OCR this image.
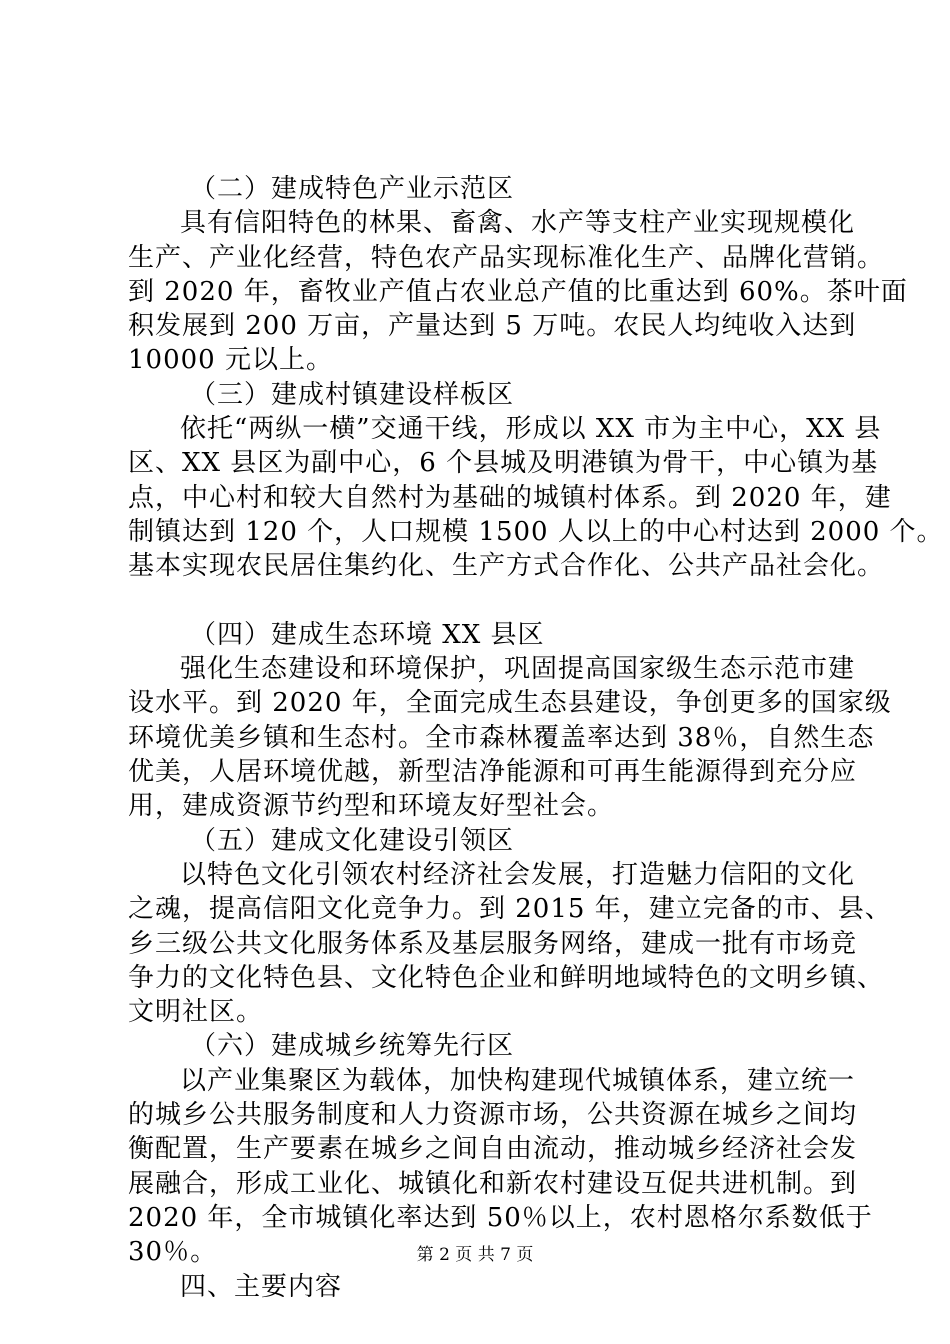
（二）建成特色产业示范区
具有信阳特色的林果、畜禽、水产等支柱产业实现规模化
生产、产业化经营，特色农产品实现标准化生产、品牌化营销。
到 2020 年，畜牧业产值占农业总产值的比重达到 60%。茶叶面
积发展到 200 万亩，产量达到 5 万吨。农民人均纯收入达到
10000 元以上。
（三）建成村镇建设样板区
依托“两纵一横”交通干线，形成以 XX 市为主中心，XX 县
区、XX 县区为副中心，6 个县城及明港镇为骨干，中心镇为基
点，中心村和较大自然村为基础的城镇村体系。到 2020 年，建
制镇达到 120 个，人口规模 1500 人以上的中心村达到 2000 个。
基本实现农民居住集约化、生产方式合作化、公共产品社会化。
（四）建成生态环境 XX 县区
强化生态建设和环境保护，巩固提高国家级生态示范市建
设水平。到 2020 年，全面完成生态县建设，争创更多的国家级
环境优美乡镇和生态村。全市森林覆盖率达到 38％，自然生态
优美，人居环境优越，新型洁净能源和可再生能源得到充分应
用，建成资源节约型和环境友好型社会。
（五）建成文化建设引领区
以特色文化引领农村经济社会发展，打造魅力信阳的文化
之魂，提高信阳文化竞争力。到 2015 年，建立完备的市、县、
乡三级公共文化服务体系及基层服务网络，建成一批有市场竞
争力的文化特色县、文化特色企业和鲜明地域特色的文明乡镇、
文明社区。
（六）建成城乡统筹先行区
以产业集聚区为载体，加快构建现代城镇体系，建立统一
的城乡公共服务制度和人力资源市场，公共资源在城乡之间均
衡配置，生产要素在城乡之间自由流动，推动城乡经济社会发
展融合，形成工业化、城镇化和新农村建设互促共进机制。到
2020 年，全市城镇化率达到 50％以上，农村恩格尔系数低于
30％。
四、主要内容
第 2 页 共 7 页
